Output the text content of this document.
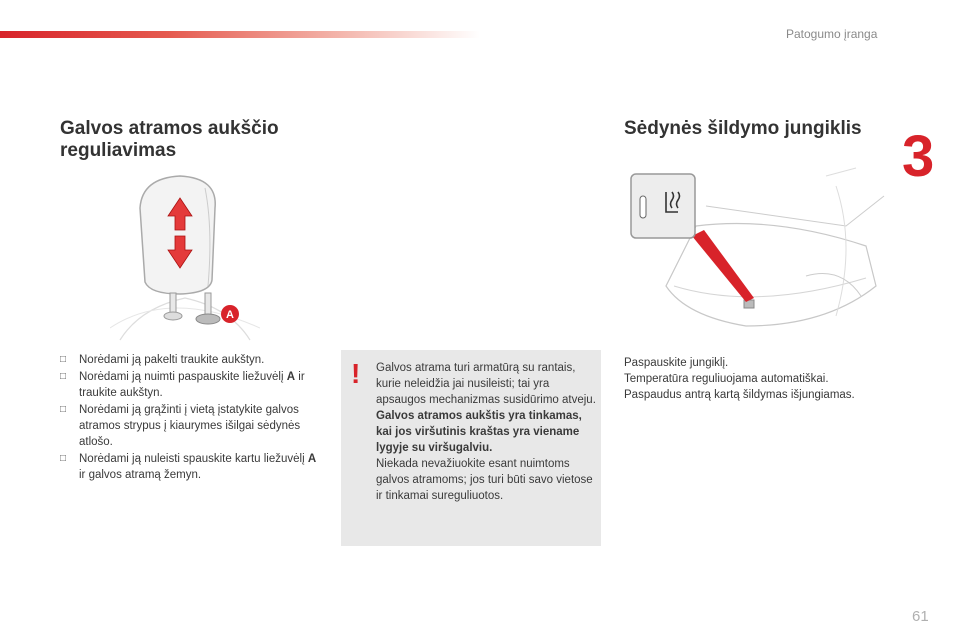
Patogumo įranga
3
Galvos atramos aukščio reguliavimas
Sėdynės šildymo jungiklis
A
□ Norėdami ją pakelti traukite aukštyn.
□ Norėdami ją nuimti paspauskite liežuvėlį A ir traukite aukštyn.
□ Norėdami ją grąžinti į vietą įstatykite galvos atramos strypus į kiaurymes išilgai sėdynės atlošo.
□ Norėdami ją nuleisti spauskite kartu liežuvėlį A ir galvos atramą žemyn.
! Galvos atrama turi armatūrą su rantais, kurie neleidžia jai nusileisti; tai yra apsaugos mechanizmas susidūrimo atveju.

Galvos atramos aukštis yra tinkamas, kai jos viršutinis kraštas yra viename lygyje su viršugalviu.

Niekada nevažiuokite esant nuimtoms galvos atramoms; jos turi būti savo vietose ir tinkamai sureguliuotos.

Paspauskite jungiklį.

Temperatūra reguliuojama automatiškai.

Paspaudus antrą kartą šildymas išjungiamas.

61
